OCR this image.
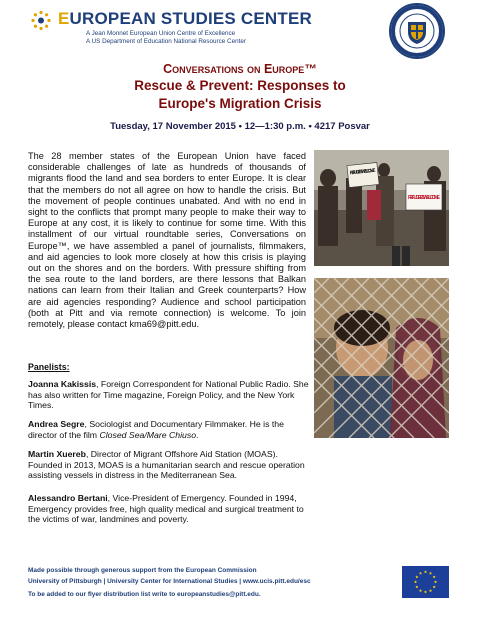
EUROPEAN STUDIES CENTER
A Jean Monnet European Union Centre of Excellence
A US Department of Education National Resource Center
Conversations on Europe™
Rescue & Prevent: Responses to
Europe's Migration Crisis
Tuesday, 17 November 2015 • 12—1:30 p.m. • 4217 Posvar

The 28 member states of the European Union have faced considerable challenges of late as hundreds of thousands of migrants flood the land and sea borders to enter Europe. It is clear that the members do not all agree on how to handle the crisis. But the movement of people continues unabated. And with no end in sight to the conflicts that prompt many people to make their way to Europe at any cost, it is likely to continue for some time. With this installment of our virtual roundtable series, Conversations on Europe™, we have assembled a panel of journalists, filmmakers, and aid agencies to look more closely at how this crisis is playing out on the shores and on the borders. With pressure shifting from the sea route to the land borders, are there lessons that Balkan nations can learn from their Italian and Greek counterparts? How are aid agencies responding? Audience and school participation (both at Pitt and via remote connection) is welcome. To join remotely, please contact kma69@pitt.edu.

REFUGEES WELCOME
REFUGEES WELCOME
Panelists:

Joanna Kakissis, Foreign Correspondent for National Public Radio. She has also written for Time magazine, Foreign Policy, and the New York Times.

Andrea Segre, Sociologist and Documentary Filmmaker. He is the director of the film Closed Sea/Mare Chiuso.

Martin Xuereb, Director of Migrant Offshore Aid Station (MOAS). Founded in 2013, MOAS is a humanitarian search and rescue operation assisting vessels in distress in the Mediterranean Sea.

Alessandro Bertani, Vice-President of Emergency. Founded in 1994, Emergency provides free, high quality medical and surgical treatment to the victims of war, landmines and poverty.

Made possible through generous support from the European Commission
University of Pittsburgh | University Center for International Studies | www.ucis.pitt.edu/esc
To be added to our flyer distribution list write to europeanstudies@pitt.edu.
